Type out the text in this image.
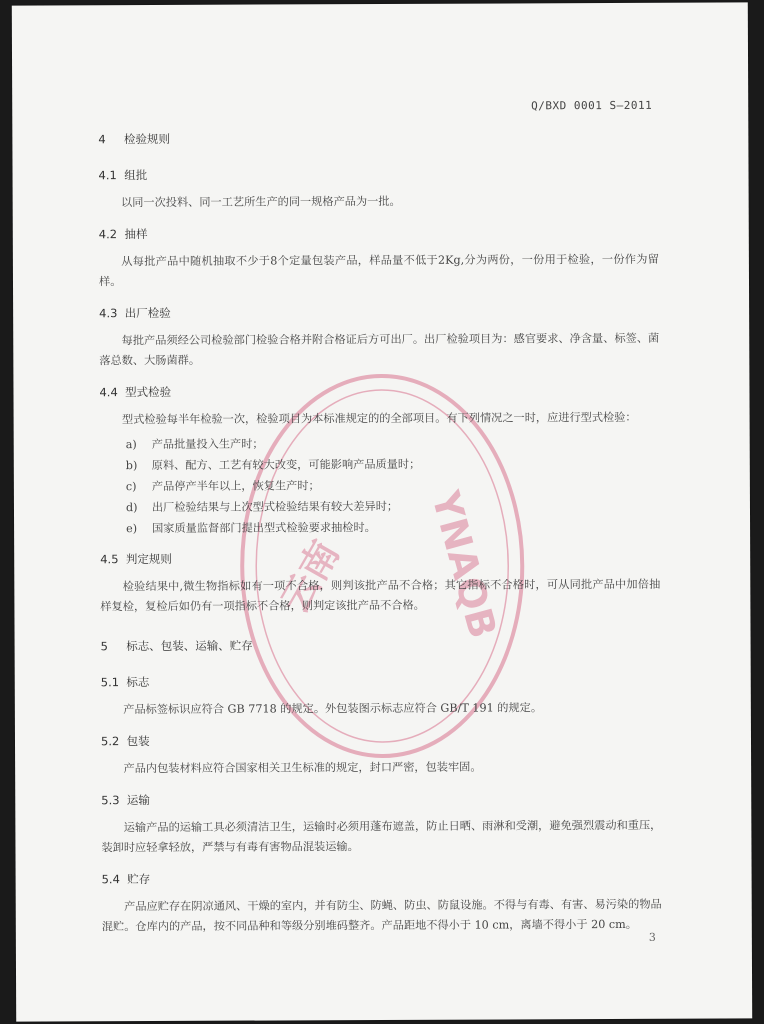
Q/BXD 0001 S—2011
云南 YNAQB
4 检验规则
4.1 组批
以同一次投料、同一工艺所生产的同一规格产品为一批。
4.2 抽样
从每批产品中随机抽取不少于8个定量包装产品，样品量不低于2Kg,分为两份，一份用于检验，一份作为留样。
4.3 出厂检验
每批产品须经公司检验部门检验合格并附合格证后方可出厂。出厂检验项目为：感官要求、净含量、标签、菌落总数、大肠菌群。
4.4 型式检验
型式检验每半年检验一次，检验项目为本标准规定的的全部项目。有下列情况之一时，应进行型式检验：
a)	产品批量投入生产时；
b)	原料、配方、工艺有较大改变，可能影响产品质量时；
c)	产品停产半年以上，恢复生产时；
d)	出厂检验结果与上次型式检验结果有较大差异时；
e)	国家质量监督部门提出型式检验要求抽检时。
4.5 判定规则
检验结果中,微生物指标如有一项不合格，则判该批产品不合格；其它指标不合格时，可从同批产品中加倍抽样复检，复检后如仍有一项指标不合格，则判定该批产品不合格。
5 标志、包装、运输、贮存
5.1 标志
产品标签标识应符合 GB 7718 的规定。外包装图示标志应符合 GB/T 191 的规定。
5.2 包装
产品内包装材料应符合国家相关卫生标准的规定，封口严密，包装牢固。
5.3 运输
运输产品的运输工具必须清洁卫生，运输时必须用蓬布遮盖，防止日晒、雨淋和受潮，避免强烈震动和重压，装卸时应轻拿轻放，严禁与有毒有害物品混装运输。
5.4 贮存
产品应贮存在阴凉通风、干燥的室内，并有防尘、防蝇、防虫、防鼠设施。不得与有毒、有害、易污染的物品混贮。仓库内的产品，按不同品种和等级分别堆码整齐。产品距地不得小于 10 cm，离墙不得小于 20 cm。
3
